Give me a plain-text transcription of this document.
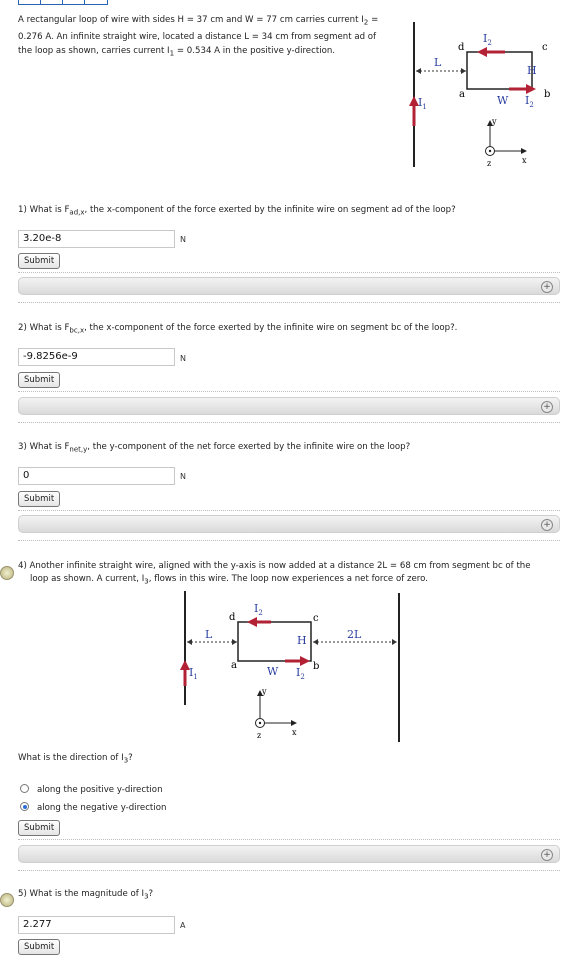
A rectangular loop of wire with sides H = 37 cm and W = 77 cm carries current $I_2$ =
0.276 A. An infinite straight wire, located a distance L = 34 cm from segment ad of
the loop as shown, carries current $I_1 = 0.534$ A in the positive y-direction.
$I_1$
L
$I_2$
d	c
H
a	b
W $I_2$
y
x
z
1) What is $F_{ad,x}$, the x-component of the force exerted by the infinite wire on segment ad of the loop?
3.20e-8	N
Submit
+
2) What is $F_{bc,x}$, the x-component of the force exerted by the infinite wire on segment bc of the loop?.
-9.8256e-9	N
Submit
+
3) What is $F_{net,y}$, the y-component of the net force exerted by the infinite wire on the loop?
0	N
Submit
+
4) Another infinite straight wire, aligned with the y-axis is now added at a distance 2L = 68 cm from segment bc of the
loop as shown. A current, $I_3$, flows in this wire. The loop now experiences a net force of zero.
$I_1$
L	2L
$I_2$
d	c
H
a	b
W $I_2$
y
x
z
What is the direction of $I_3$?
along the positive y-direction
along the negative y-direction
Submit
+
5) What is the magnitude of $I_3$?
2.277	A
Submit
